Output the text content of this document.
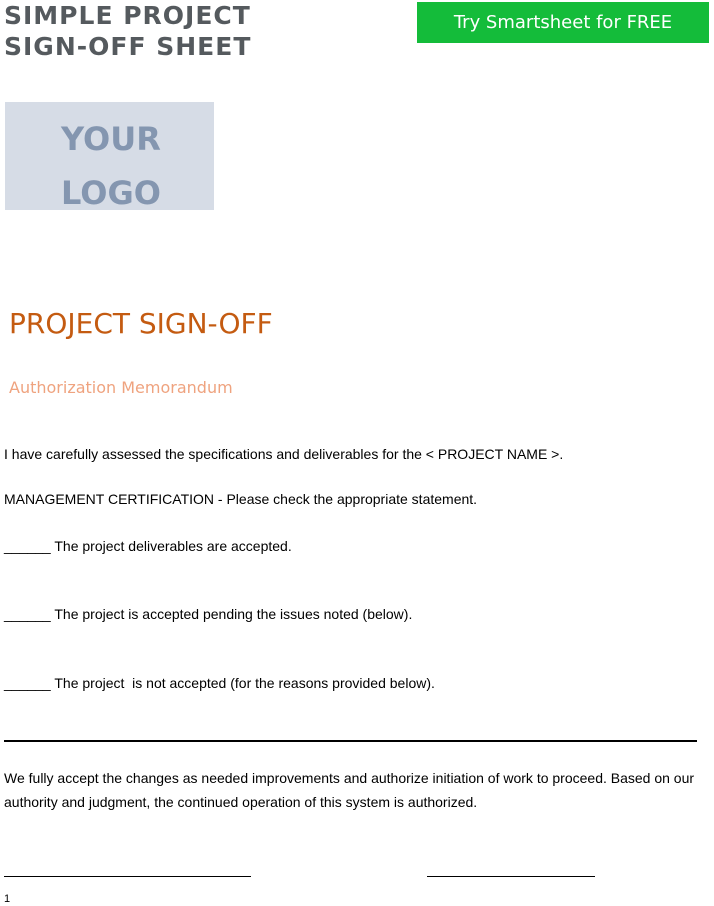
SIMPLE PROJECT
SIGN-OFF SHEET
Try Smartsheet for FREE
YOUR
LOGO
PROJECT SIGN-OFF
Authorization Memorandum

I have carefully assessed the specifications and deliverables for the < PROJECT NAME >.

MANAGEMENT CERTIFICATION - Please check the appropriate statement.

______ The project deliverables are accepted.

______ The project is accepted pending the issues noted (below).

______ The project  is not accepted (for the reasons provided below).

We fully accept the changes as needed improvements and authorize initiation of work to proceed. Based on our authority and judgment, the continued operation of this system is authorized.

1
